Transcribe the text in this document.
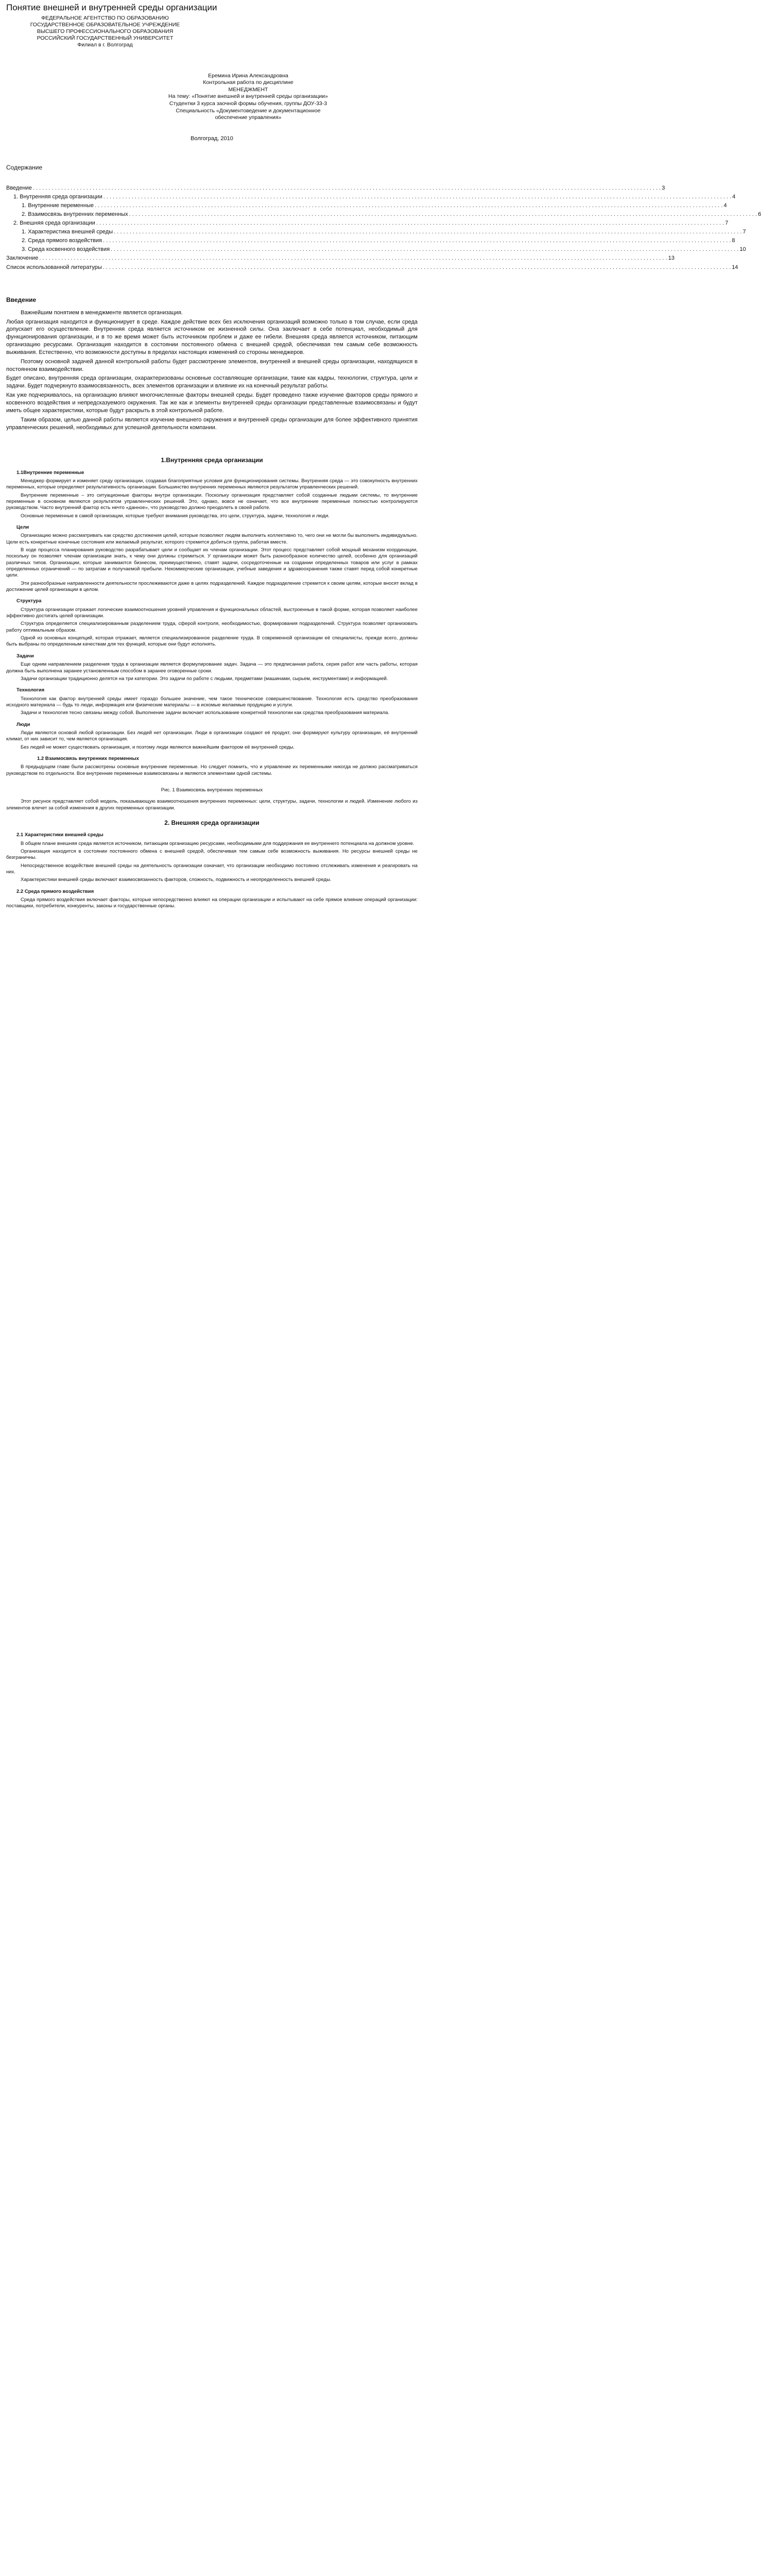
Понятие внешней и внутренней среды организации
ФЕДЕРАЛЬНОЕ АГЕНТСТВО ПО ОБРАЗОВАНИЮ
ГОСУДАРСТВЕННОЕ ОБРАЗОВАТЕЛЬНОЕ УЧРЕЖДЕНИЕ
ВЫСШЕГО ПРОФЕССИОНАЛЬНОГО ОБРАЗОВАНИЯ
РОССИЙСКИЙ ГОСУДАРСТВЕННЫЙ УНИВЕРСИТЕТ
Филиал в г. Волгоград
Еремина Ирина Александровна
Контрольная работа по дисциплине
МЕНЕДЖМЕНТ
На тему: «Понятие внешней и внутренней среды организации»
Студентки 3 курса заочной формы обучения, группы ДОУ-33-3
Специальность «Документоведение и документационное
обеспечение управления»
Волгоград, 2010
Содержание
Введение . . . . . . . . . . . . . . . . . . . . . . . . . . . . . . . . . . . . . . . . . . . . . . . . . . . . . . . . . . . . . . . . . . . . . . . . . . . . . . . . . . . . . . . . . . . . . . . . . . . . . . . . . . . . . . . . . . . . . . . . . . . . . . . . . . . . . . . . . . . . . . . . . . . . . . . . . . . . . . . . . . . . . . . . . . . . . . . . . . . . . . . . . . . . . . . . . . . . . . . . 3
1. Внутренняя среда организации . . . . . . . . . . . . . . . . . . . . . . . . . . . . . . . . . . . . . . . . . . . . . . . . . . . . . . . . . . . . . . . . . . . . . . . . . . . . . . . . . . . . . . . . . . . . . . . . . . . . . . . . . . . . . . . . . . . . . . . . . . . . . . . . . . . . . . . . . . . . . . . . . . . . . . . . . . . . . . . . . . . . . . . . . . . . . . . . . . . . . . . . . . . . . . . . . . . . . . . . 4
1. Внутренние переменные . . . . . . . . . . . . . . . . . . . . . . . . . . . . . . . . . . . . . . . . . . . . . . . . . . . . . . . . . . . . . . . . . . . . . . . . . . . . . . . . . . . . . . . . . . . . . . . . . . . . . . . . . . . . . . . . . . . . . . . . . . . . . . . . . . . . . . . . . . . . . . . . . . . . . . . . . . . . . . . . . . . . . . . . . . . . . . . . . . . . . . . . . . . . . . . . . . . . . . . . 4
2. Взаимосвязь внутренних переменных . . . . . . . . . . . . . . . . . . . . . . . . . . . . . . . . . . . . . . . . . . . . . . . . . . . . . . . . . . . . . . . . . . . . . . . . . . . . . . . . . . . . . . . . . . . . . . . . . . . . . . . . . . . . . . . . . . . . . . . . . . . . . . . . . . . . . . . . . . . . . . . . . . . . . . . . . . . . . . . . . . . . . . . . . . . . . . . . . . . . . . . . . . . . . . . . . . . . . . . . 6
2. Внешняя среда организации . . . . . . . . . . . . . . . . . . . . . . . . . . . . . . . . . . . . . . . . . . . . . . . . . . . . . . . . . . . . . . . . . . . . . . . . . . . . . . . . . . . . . . . . . . . . . . . . . . . . . . . . . . . . . . . . . . . . . . . . . . . . . . . . . . . . . . . . . . . . . . . . . . . . . . . . . . . . . . . . . . . . . . . . . . . . . . . . . . . . . . . . . . . . . . . . . . . . . . . . 7
1. Характеристика внешней среды . . . . . . . . . . . . . . . . . . . . . . . . . . . . . . . . . . . . . . . . . . . . . . . . . . . . . . . . . . . . . . . . . . . . . . . . . . . . . . . . . . . . . . . . . . . . . . . . . . . . . . . . . . . . . . . . . . . . . . . . . . . . . . . . . . . . . . . . . . . . . . . . . . . . . . . . . . . . . . . . . . . . . . . . . . . . . . . . . . . . . . . . . . . . . . . . . . . . . . . . 7
2. Среда прямого воздействия . . . . . . . . . . . . . . . . . . . . . . . . . . . . . . . . . . . . . . . . . . . . . . . . . . . . . . . . . . . . . . . . . . . . . . . . . . . . . . . . . . . . . . . . . . . . . . . . . . . . . . . . . . . . . . . . . . . . . . . . . . . . . . . . . . . . . . . . . . . . . . . . . . . . . . . . . . . . . . . . . . . . . . . . . . . . . . . . . . . . . . . . . . . . . . . . . . . . . . . . 8
3. Среда косвенного воздействия . . . . . . . . . . . . . . . . . . . . . . . . . . . . . . . . . . . . . . . . . . . . . . . . . . . . . . . . . . . . . . . . . . . . . . . . . . . . . . . . . . . . . . . . . . . . . . . . . . . . . . . . . . . . . . . . . . . . . . . . . . . . . . . . . . . . . . . . . . . . . . . . . . . . . . . . . . . . . . . . . . . . . . . . . . . . . . . . . . . . . . . . . . . . . . . . . . . . . . . . 10
Заключение . . . . . . . . . . . . . . . . . . . . . . . . . . . . . . . . . . . . . . . . . . . . . . . . . . . . . . . . . . . . . . . . . . . . . . . . . . . . . . . . . . . . . . . . . . . . . . . . . . . . . . . . . . . . . . . . . . . . . . . . . . . . . . . . . . . . . . . . . . . . . . . . . . . . . . . . . . . . . . . . . . . . . . . . . . . . . . . . . . . . . . . . . . . . . . . . . . . . . . . . 13
Список использованной литературы . . . . . . . . . . . . . . . . . . . . . . . . . . . . . . . . . . . . . . . . . . . . . . . . . . . . . . . . . . . . . . . . . . . . . . . . . . . . . . . . . . . . . . . . . . . . . . . . . . . . . . . . . . . . . . . . . . . . . . . . . . . . . . . . . . . . . . . . . . . . . . . . . . . . . . . . . . . . . . . . . . . . . . . . . . . . . . . . . . . . . . . . . . . . . . . . . . . . . . . . 14
Введение

Важнейшим понятием в менеджменте является организация.

Любая организация находится и функционирует в среде. Каждое действие всех без исключения организаций возможно только в том случае, если среда допускает его осуществление. Внутренняя среда является источником ее жизненной силы. Она заключает в себе потенциал, необходимый для функционирования организации, и в то же время может быть источником проблем и даже ее гибели. Внешняя среда является источником, питающим организацию ресурсами. Организация находится в состоянии постоянного обмена с внешней средой, обеспечивая тем самым себе возможность выживания. Естественно, что возможности доступны в пределах настоящих изменений со стороны менеджеров.

Поэтому основной задачей данной контрольной работы будет рассмотрение элементов, внутренней и внешней среды организации, находящихся в постоянном взаимодействии.

Будет описано, внутренняя среда организации, охарактеризованы основные составляющие организации, такие как кадры, технологии, структура, цели и задачи. Будет подчеркнуто взаимосвязанность, всех элементов организации и влияние их на конечный результат работы.

Как уже подчеркивалось, на организацию влияют многочисленные факторы внешней среды. Будет проведено также изучение факторов среды прямого и косвенного воздействия и непредсказуемого окружения. Так же как и элементы внутренней среды организации представленные взаимосвязаны и будут иметь общее характеристики, которые будут раскрыть в этой контрольной работе.

Таким образом, целью данной работы является изучение внешнего окружения и внутренней среды организации для более эффективного принятия управленческих решений, необходимых для успешной деятельности компании.

1.Внутренняя среда организации
1.1Внутренние переменные

Менеджер формирует и изменяет среду организации, создавая благоприятные условия для функционирования системы. Внутренняя среда — это совокупность внутренних переменных, которые определяют результативность организации. Большинство внутренних переменных являются результатом управленческих решений.

Внутренние переменные – это ситуационные факторы внутри организации. Поскольку организация представляет собой созданные людьми системы, то внутренние переменные в основном являются результатом управленческих решений. Это, однако, вовсе не означает, что все внутренние переменные полностью контролируются руководством. Часто внутренний фактор есть нечто «данное», что руководство должно преодолеть в своей работе.

Основные переменные в самой организации, которые требуют внимания руководства, это цели, структура, задачи, технология и люди.

Цели

Организацию можно рассматривать как средство достижения целей, которые позволяют людям выполнить коллективно то, чего они не могли бы выполнить индивидуально. Цели есть конкретные конечные состояния или желаемый результат, которого стремится добиться группа, работая вместе.

В ходе процесса планирования руководство разрабатывает цели и сообщает их членам организации. Этот процесс представляет собой мощный механизм координации, поскольку он позволяет членам организации знать, к чему они должны стремиться. У организации может быть разнообразное количество целей, особенно для организаций различных типов. Организации, которые занимаются бизнесом, преимущественно, ставят задачи, сосредоточенные на создании определенных товаров или услуг в рамках определенных ограничений — по затратам и получаемой прибыли. Некоммерческие организации, учебные заведения и здравоохранения также ставят перед собой конкретные цели.

Эти разнообразные направленности деятельности прослеживаются даже в целях подразделений. Каждое подразделение стремится к своим целям, которые вносят вклад в достижение целей организации в целом.

Структура

Структура организации отражает логические взаимоотношения уровней управления и функциональных областей, выстроенные в такой форме, которая позволяет наиболее эффективно достигать целей организации.

Структура определяется специализированным разделением труда, сферой контроля, необходимостью, формирования подразделений. Структура позволяет организовать работу оптимальным образом.

Одной из основных концепций, которая отражает, является специализированное разделение труда. В современной организации её специалисты, прежде всего, должны быть выбраны по определенным качествам для тех функций, которые они будут исполнять.

Задачи

Еще одним направлением разделения труда в организации является формулирование задач. Задача — это предписанная работа, серия работ или часть работы, которая должна быть выполнена заранее установленным способом в заранее оговоренные сроки.

Задачи организации традиционно делятся на три категории. Это задачи по работе с людьми, предметами (машинами, сырьем, инструментами) и информацией.

Технология

Технология как фактор внутренней среды имеет гораздо большее значение, чем такое техническое совершенствование. Технология есть средство преобразования исходного материала — будь то люди, информация или физические материалы — в искомые желаемые продукцию и услуги.

Задачи и технология тесно связаны между собой. Выполнение задачи включает использование конкретной технологии как средства преобразования материала.

Люди

Люди являются основой любой организации. Без людей нет организации. Люди в организации создают её продукт, они формируют культуру организации, её внутренний климат, от них зависит то, чем является организация.

Без людей не может существовать организация, и поэтому люди являются важнейшим фактором её внутренней среды.

1.2 Взаимосвязь внутренних переменных

В предыдущем главе были рассмотрены основные внутренние переменные. Но следует помнить, что и управление их переменными никогда не должно рассматриваться руководством по отдельности. Все внутренние переменные взаимосвязаны и являются элементами одной системы.

Рис. 1 Взаимосвязь внутренних переменных

Этот рисунок представляет собой модель, показывающую взаимоотношения внутренних переменных: цели, структуры, задачи, технологии и людей. Изменение любого из элементов влечет за собой изменения в других переменных организации.

2. Внешняя среда организации
2.1 Характеристики внешней среды

В общем плане внешняя среда является источником, питающим организацию ресурсами, необходимыми для поддержания ее внутреннего потенциала на должном уровне.

Организация находится в состоянии постоянного обмена с внешней средой, обеспечивая тем самым себе возможность выживания. Но ресурсы внешней среды не безграничны.

Непосредственное воздействие внешней среды на деятельность организации означает, что организации необходимо постоянно отслеживать изменения и реагировать на них.

Характеристики внешней среды включают взаимосвязанность факторов, сложность, подвижность и неопределенность внешней среды.

2.2 Среда прямого воздействия

Среда прямого воздействия включает факторы, которые непосредственно влияют на операции организации и испытывают на себе прямое влияние операций организации: поставщики, потребители, конкуренты, законы и государственные органы.
